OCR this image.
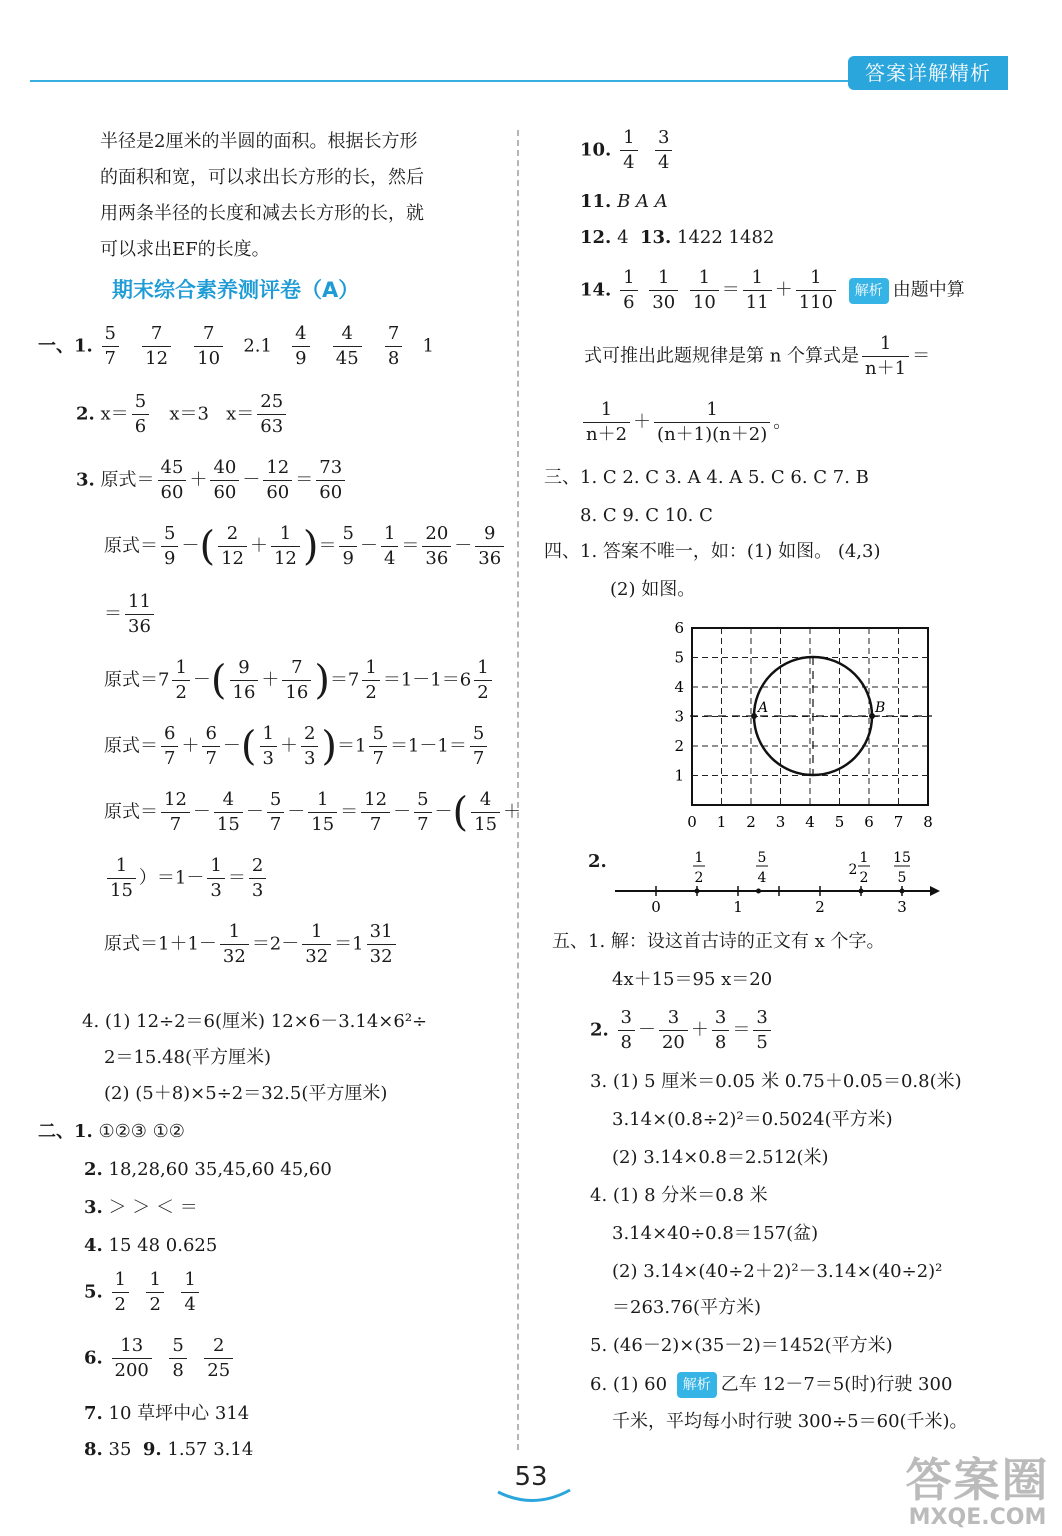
答案详解精析
半径是2厘米的半圆的面积。根据长方形
的面积和宽，可以求出长方形的长，然后
用两条半径的长度和减去长方形的长，就
可以求出EF的长度。
期末综合素养测评卷（A）
一、1. $\frac{5}{7}$
$\frac{7}{12}$
$\frac{7}{10} 2.1 \frac{4}{9}$
$\frac{4}{45}$
$\frac{7}{8} 1$
2. $x= \frac{5}{6} x=3$ $x= \frac{25}{63}$
3. 原式＝ $\frac{45}{60} + \frac{40}{60} - \frac{12}{60} = \frac{73}{60}$
原式＝ $\frac{5}{9}$ －( $\frac{2}{12} + \frac{1}{12}$ )＝ $\frac{5}{9} - \frac{1}{4} = \frac{20}{36} - \frac{9}{36}$
＝ $\frac{11}{36}$
原式$=7 \frac{1}{2}$ －( $\frac{9}{16} + \frac{7}{16} )=7 \frac{1}{2} =1-1=6 \frac{1}{2}$
原式＝ $\frac{6}{7} + \frac{6}{7}$ －( $\frac{1}{3} + \frac{2}{3} )=1 \frac{5}{7} =1-1= \frac{5}{7}$
原式＝ $\frac{12}{7} - \frac{4}{15} - \frac{5}{7} - \frac{1}{15} = \frac{12}{7} - \frac{5}{7}$ －( $\frac{4}{15}$ ＋
$\frac{1}{15} )=1- \frac{1}{3} = \frac{2}{3}$
原式$=1+1- \frac{1}{32} =2- \frac{1}{32} =1 \frac{31}{32}$
4. (1) 12÷2＝6(厘米) 12×6－3.14×6²÷
2＝15.48(平方厘米)
(2) (5＋8)×5÷2＝32.5(平方厘米)
二、1. ①②③ ①②
2. 18,28,60 35,45,60 45,60
3. ＞ ＞ ＜ ＝
4. 15 48 0.625
5. $\frac{1}{2}$
$\frac{1}{2}$
$\frac{1}{4}$
6. $\frac{13}{200}$
$\frac{5}{8}$
$\frac{2}{25}$
7. 10 草坪中心 314
8. 35 9. 1.57 3.14
10. $\frac{1}{4}$
$\frac{3}{4}$
11. B A A
12. 4 13. 1422 1482
14. $\frac{1}{6}$
$\frac{1}{30}$
$\frac{1}{10} = \frac{1}{11} + \frac{1}{110}$ 解析 由题中算
式可推出此题规律是第 n 个算式是 $\frac{1}{n+1}$ ＝
$\frac{1}{n+2} + \frac{1}{(n+1)(n+2)}$ 。
三、1. C 2. C 3. A 4. A 5. C 6. C 7. B
8. C 9. C 10. C
四、1. 答案不唯一，如：(1) 如图。 (4,3)
(2) 如图。
A	B
0 1 2 3 4 5 6 7 8
1
2
3
4
5
6
2.
0	1	2	3
1
2
5
4	2
1
2
15
5
五、1. 解：设这首古诗的正文有 x 个字。
4x＋15＝95 x＝20
2. $\frac{3}{8} - \frac{3}{20} + \frac{3}{8} = \frac{3}{5}$
3. (1) 5 厘米＝0.05 米 0.75＋0.05＝0.8(米)
3.14×(0.8÷2)²＝0.5024(平方米)
(2) 3.14×0.8＝2.512(米)
4. (1) 8 分米＝0.8 米
3.14×40÷0.8＝157(盆)
(2) 3.14×(40÷2＋2)²－3.14×(40÷2)²
＝263.76(平方米)
5. (46－2)×(35－2)＝1452(平方米)
6. (1) 60 解析 乙车 12－7＝5(时)行驶 300
千米，平均每小时行驶 300÷5＝60(千米)。
53	答案圈
MXQE.COM
